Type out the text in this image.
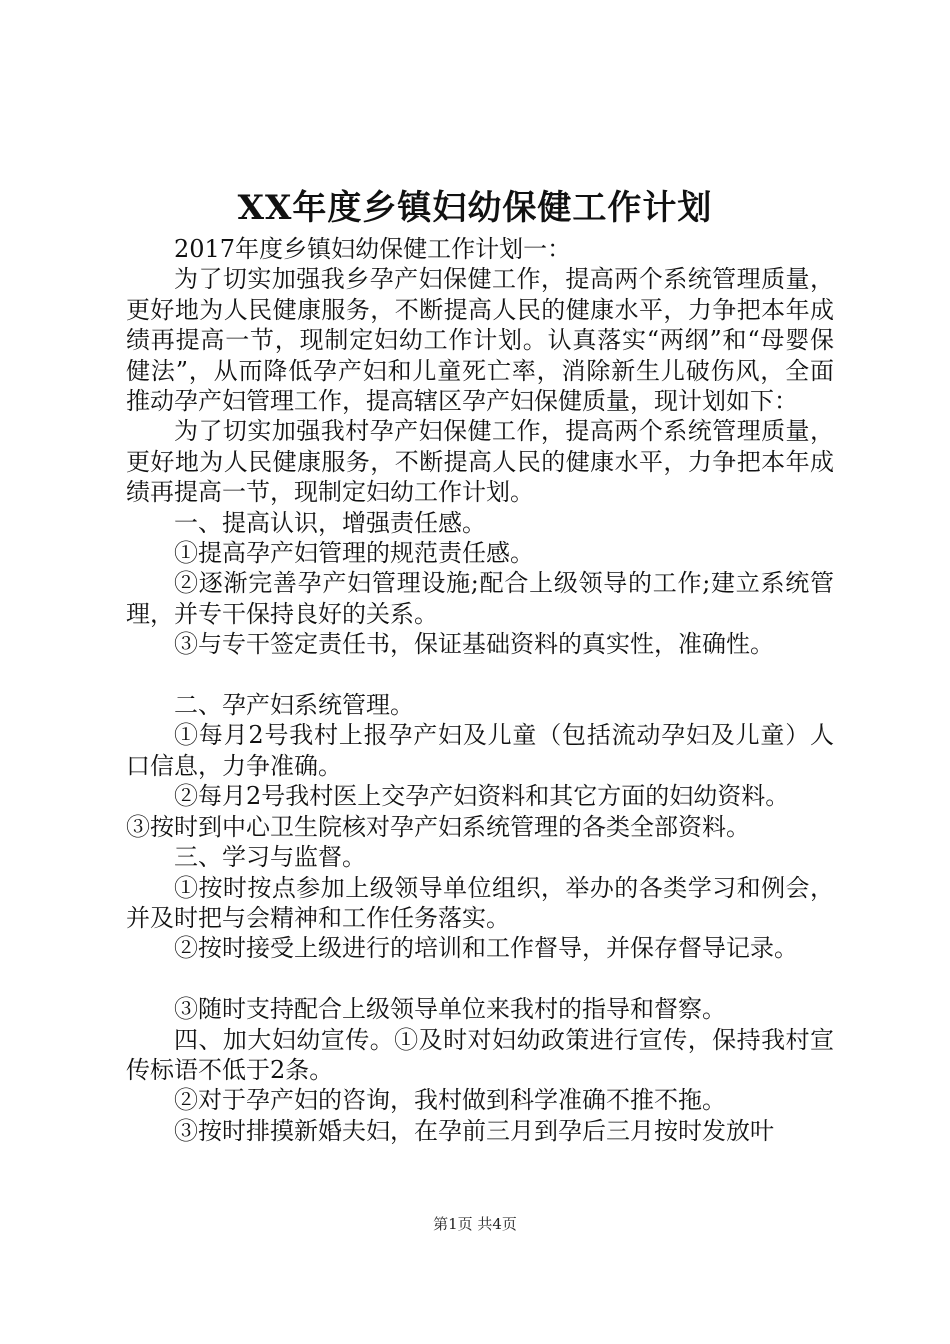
XX年度乡镇妇幼保健工作计划

2017年度乡镇妇幼保健工作计划一：

为了切实加强我乡孕产妇保健工作，提高两个系统管理质量，更好地为人民健康服务，不断提高人民的健康水平，力争把本年成绩再提高一节，现制定妇幼工作计划。认真落实“两纲”和“母婴保健法”，从而降低孕产妇和儿童死亡率，消除新生儿破伤风，全面推动孕产妇管理工作，提高辖区孕产妇保健质量，现计划如下：

为了切实加强我村孕产妇保健工作，提高两个系统管理质量，更好地为人民健康服务，不断提高人民的健康水平，力争把本年成绩再提高一节，现制定妇幼工作计划。

一、提高认识，增强责任感。

①提高孕产妇管理的规范责任感。

②逐渐完善孕产妇管理设施;配合上级领导的工作;建立系统管理，并专干保持良好的关系。

③与专干签定责任书，保证基础资料的真实性，准确性。

二、孕产妇系统管理。

①每月2号我村上报孕产妇及儿童（包括流动孕妇及儿童）人口信息，力争准确。

②每月2号我村医上交孕产妇资料和其它方面的妇幼资料。

③按时到中心卫生院核对孕产妇系统管理的各类全部资料。

三、学习与监督。

①按时按点参加上级领导单位组织，举办的各类学习和例会，并及时把与会精神和工作任务落实。

②按时接受上级进行的培训和工作督导，并保存督导记录。

③随时支持配合上级领导单位来我村的指导和督察。

四、加大妇幼宣传。①及时对妇幼政策进行宣传，保持我村宣传标语不低于2条。

②对于孕产妇的咨询，我村做到科学准确不推不拖。

③按时排摸新婚夫妇，在孕前三月到孕后三月按时发放叶

第1页 共4页
